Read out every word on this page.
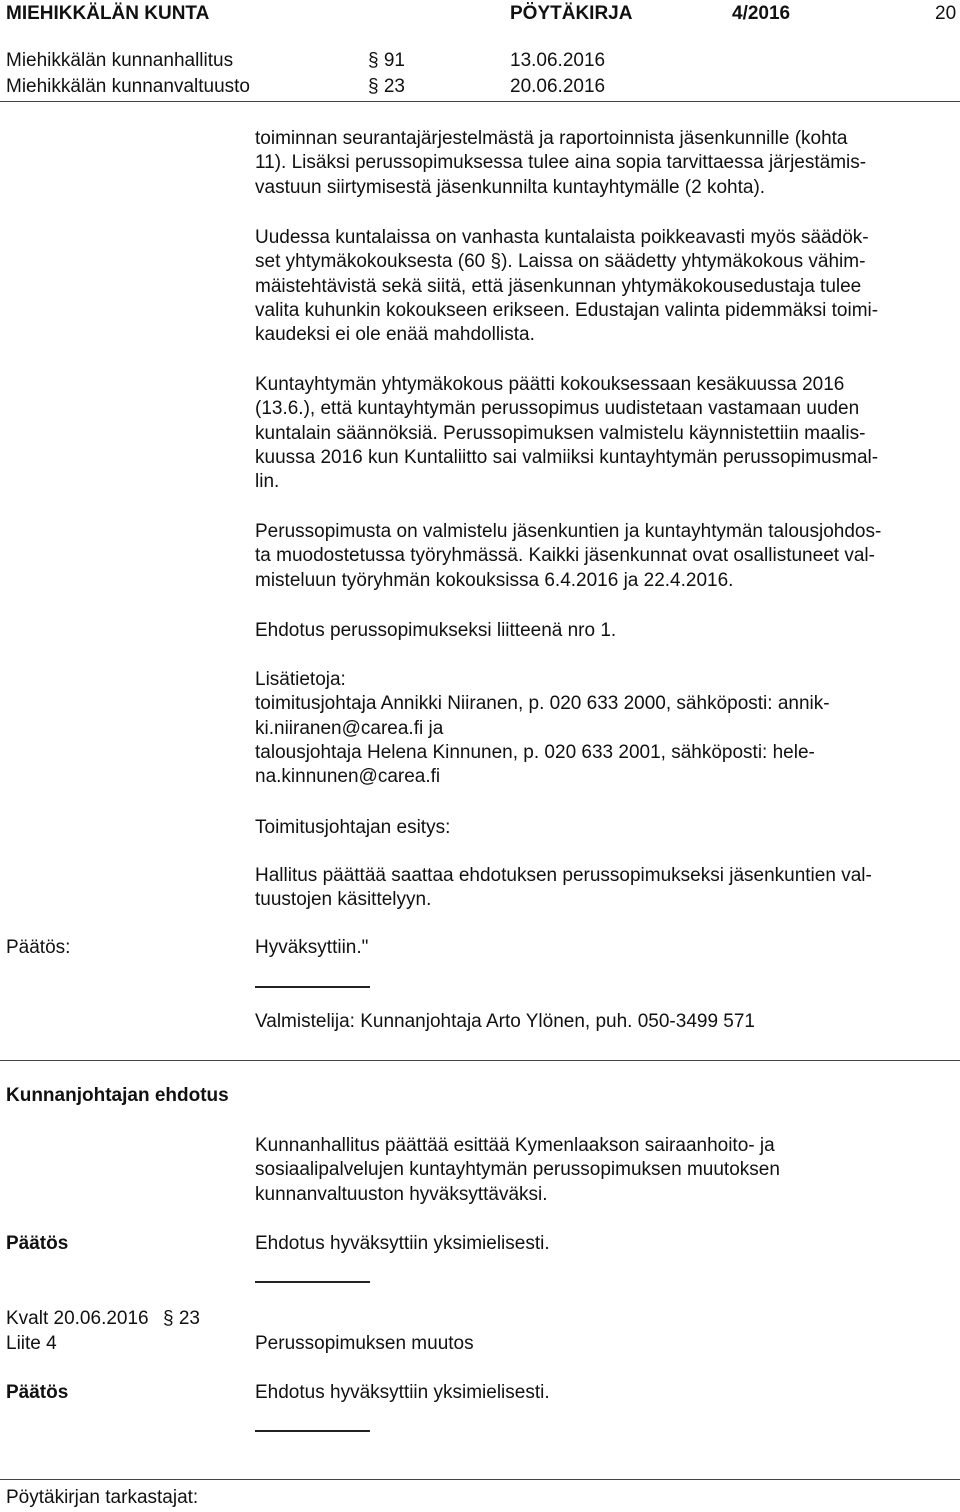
MIEHIKKÄLÄN KUNTA	PÖYTÄKIRJA	4/2016	20
Miehikkälän kunnanhallitus	§ 91	13.06.2016
Miehikkälän kunnanvaltuusto	§ 23	20.06.2016
toiminnan seurantajärjestelmästä ja raportoinnista jäsenkunnille (kohta
11). Lisäksi perussopimuksessa tulee aina sopia tarvittaessa järjestämis-
vastuun siirtymisestä jäsenkunnilta kuntayhtymälle (2 kohta).
Uudessa kuntalaissa on vanhasta kuntalaista poikkeavasti myös säädök-
set yhtymäkokouksesta (60 §). Laissa on säädetty yhtymäkokous vähim-
mäistehtävistä sekä siitä, että jäsenkunnan yhtymäkokousedustaja tulee
valita kuhunkin kokoukseen erikseen. Edustajan valinta pidemmäksi toimi-
kaudeksi ei ole enää mahdollista.
Kuntayhtymän yhtymäkokous päätti kokouksessaan kesäkuussa 2016
(13.6.), että kuntayhtymän perussopimus uudistetaan vastamaan uuden
kuntalain säännöksiä. Perussopimuksen valmistelu käynnistettiin maalis-
kuussa 2016 kun Kuntaliitto sai valmiiksi kuntayhtymän perussopimusmal-
lin.
Perussopimusta on valmistelu jäsenkuntien ja kuntayhtymän talousjohdos-
ta muodostetussa työryhmässä. Kaikki jäsenkunnat ovat osallistuneet val-
misteluun työryhmän kokouksissa 6.4.2016 ja 22.4.2016.
Ehdotus perussopimukseksi liitteenä nro 1.
Lisätietoja:
toimitusjohtaja Annikki Niiranen, p. 020 633 2000, sähköposti: annik-
ki.niiranen@carea.fi ja
talousjohtaja Helena Kinnunen, p. 020 633 2001, sähköposti: hele-
na.kinnunen@carea.fi
Toimitusjohtajan esitys:
Hallitus päättää saattaa ehdotuksen perussopimukseksi jäsenkuntien val-
tuustojen käsittelyyn.
Päätös:	Hyväksyttiin."
Valmistelija: Kunnanjohtaja Arto Ylönen, puh. 050-3499 571
Kunnanjohtajan ehdotus
Kunnanhallitus päättää esittää Kymenlaakson sairaanhoito- ja
sosiaalipalvelujen kuntayhtymän perussopimuksen muutoksen
kunnanvaltuuston hyväksyttäväksi.
Päätös	Ehdotus hyväksyttiin yksimielisesti.
Kvalt 20.06.2016 § 23
Liite 4	Perussopimuksen muutos
Päätös	Ehdotus hyväksyttiin yksimielisesti.
Pöytäkirjan tarkastajat:
